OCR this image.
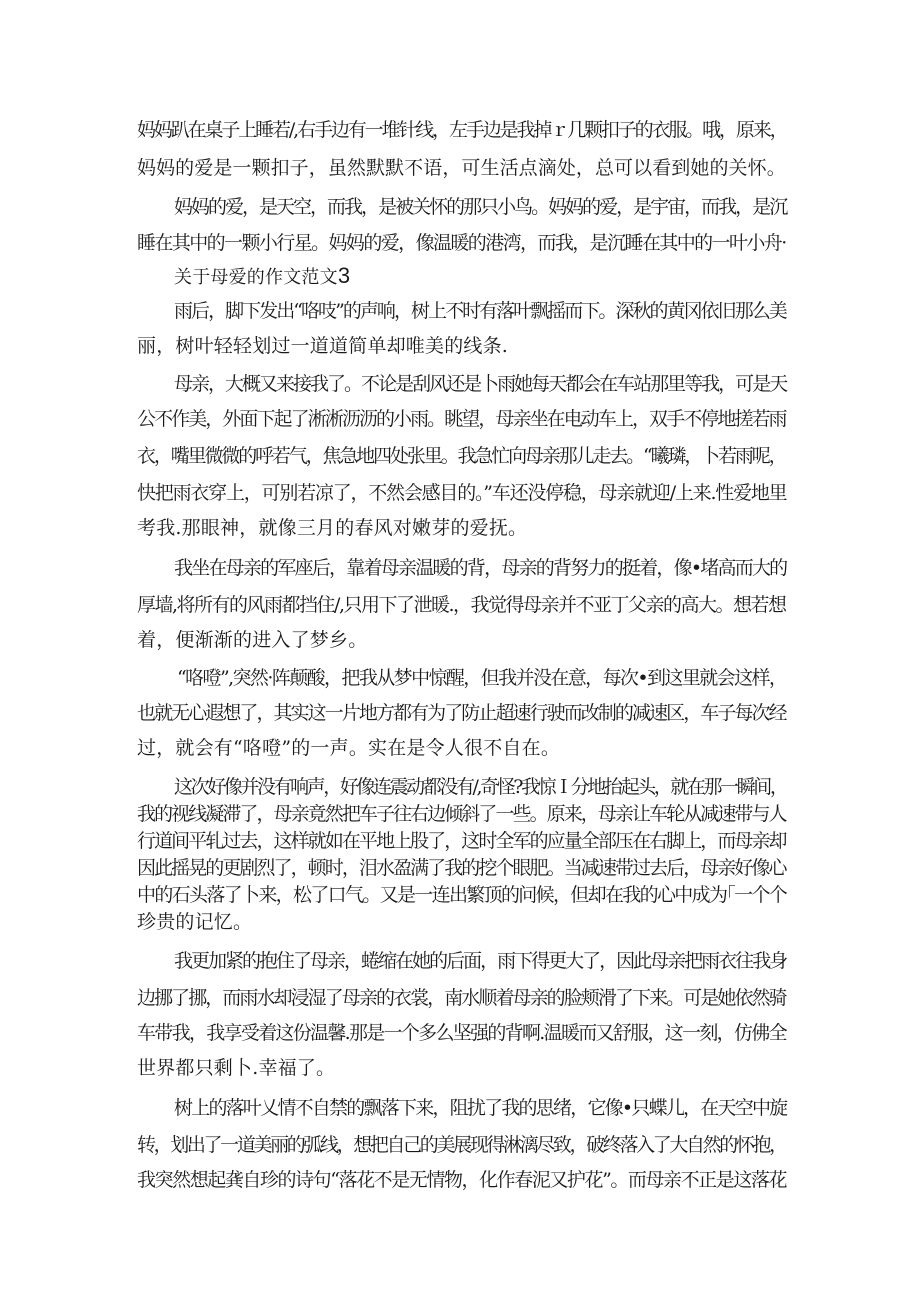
妈妈趴在桌子上睡若/,右手边有一堆针线，左手边是我掉ｒ几颗扣子的衣服。哦，原来，
妈妈的爱是一颗扣子，虽然默默不语，可生活点滴处，总可以看到她的关怀。
妈妈的爱，是天空，而我，是被关怀的那只小鸟。妈妈的爱，是宇宙，而我，是沉
睡在其中的一颗小行星。妈妈的爱，像温暖的港湾，而我，是沉睡在其中的一叶小舟·
关于母爱的作文范文3
雨后，脚下发出“咯吱”的声响，树上不时有落叶飘摇而下。深秋的黄冈依旧那么美
丽，树叶轻轻划过一道道简单却唯美的线条.
母亲，大概又来接我了。不论是刮风还是卜雨她每天都会在车站那里等我，可是天
公不作美，外面下起了淅淅沥沥的小雨。眺望，母亲坐在电动车上，双手不停地搓若雨
衣，嘴里微微的呼若气，焦急地四处张里。我急忙向母亲那儿走去。“曦璘，卜若雨呢，
快把雨衣穿上，可别若凉了，不然会感目的。”车还没停稳，母亲就迎/上来.性爱地里
考我.那眼神，就像三月的春风对嫩芽的爱抚。
我坐在母亲的军座后，靠着母亲温暖的背，母亲的背努力的挺着，像•堵高而大的
厚墙,将所有的风雨都挡住/,只用下了泄暖.，我觉得母亲并不亚丁父亲的高大。想若想
着，便渐渐的进入了梦乡。
“咯噔”,突然·阵颠酸，把我从梦中惊醒，但我并没在意，每次•到这里就会这样，
也就无心遐想了，其实这一片地方都有为了防止超速行驶而改制的减速区，车子每次经
过，就会有“咯噔”的一声。实在是令人很不自在。
这次好像并没有响声，好像连震动都没有/,奇怪?我惊Ｉ分地抬起头，就在那一瞬间，
我的视线凝滞了，母亲竟然把车子往右边倾斜了一些。原来，母亲让车轮从减速带与人
行道间平轧过去，这样就如在平地上股了，这时全军的应量全部压在右脚上，而母亲却
因此摇晃的更剧烈了，顿时，泪水盈满了我的挖个眼肥。当减速带过去后，母亲好像心
中的石头落了卜来，松了口气。又是一连出繁顶的问候，但却在我的心中成为｢一个个
珍贵的记忆。
我更加紧的抱住了母亲，蜷缩在她的后面，雨下得更大了，因此母亲把雨衣往我身
边挪了挪，而雨水却浸湿了母亲的衣裳，南水顺着母亲的脸颊滑了下来。可是她依然骑
车带我，我享受着这份温馨.那是一个多么坚强的背啊.温暖而又舒服，这一刻，仿佛全
世界都只剩卜.幸福了。
树上的落叶乂情不自禁的飘落下来，阻扰了我的思绪，它像•只蝶儿，在天空中旋
转，划出了一道美丽的弧线，想把自己的美展现得淋漓尽致，破终落入了大自然的怀抱，
我突然想起龚自珍的诗句“落花不是无情物，化作春泥又护花”。而母亲不正是这落花
